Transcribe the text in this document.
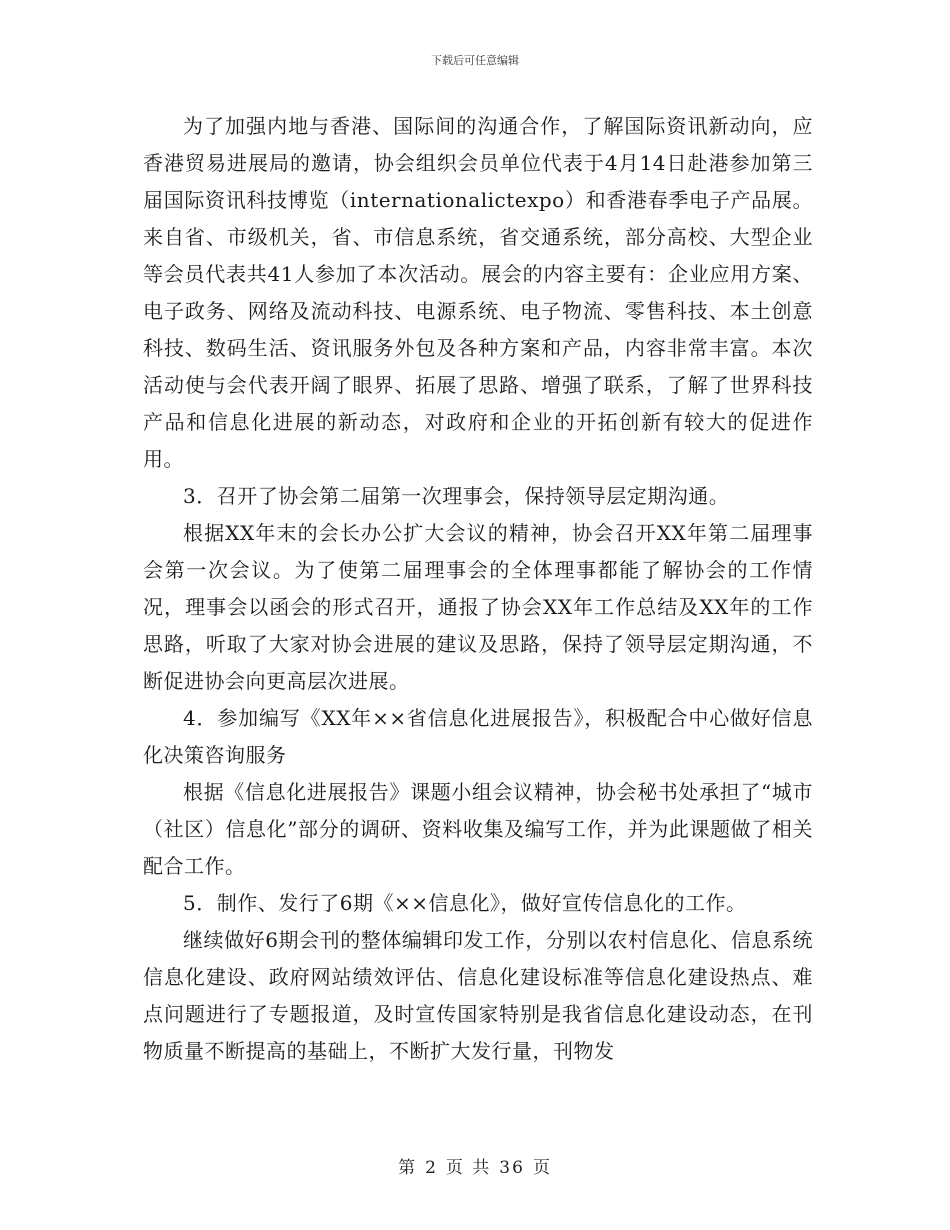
下载后可任意编辑

为了加强内地与香港、国际间的沟通合作，了解国际资讯新动向，应香港贸易进展局的邀请，协会组织会员单位代表于4月14日赴港参加第三届国际资讯科技博览（internationalictexpo）和香港春季电子产品展。来自省、市级机关，省、市信息系统，省交通系统，部分高校、大型企业等会员代表共41人参加了本次活动。展会的内容主要有：企业应用方案、电子政务、网络及流动科技、电源系统、电子物流、零售科技、本土创意科技、数码生活、资讯服务外包及各种方案和产品，内容非常丰富。本次活动使与会代表开阔了眼界、拓展了思路、增强了联系，了解了世界科技产品和信息化进展的新动态，对政府和企业的开拓创新有较大的促进作用。

3．召开了协会第二届第一次理事会，保持领导层定期沟通。

根据XX年末的会长办公扩大会议的精神，协会召开XX年第二届理事会第一次会议。为了使第二届理事会的全体理事都能了解协会的工作情况，理事会以函会的形式召开，通报了协会XX年工作总结及XX年的工作思路，听取了大家对协会进展的建议及思路，保持了领导层定期沟通，不断促进协会向更高层次进展。

4．参加编写《XX年××省信息化进展报告》，积极配合中心做好信息化决策咨询服务

根据《信息化进展报告》课题小组会议精神，协会秘书处承担了“城市（社区）信息化”部分的调研、资料收集及编写工作，并为此课题做了相关配合工作。

5．制作、发行了6期《××信息化》，做好宣传信息化的工作。

继续做好6期会刊的整体编辑印发工作，分别以农村信息化、信息系统信息化建设、政府网站绩效评估、信息化建设标准等信息化建设热点、难点问题进行了专题报道，及时宣传国家特别是我省信息化建设动态，在刊物质量不断提高的基础上，不断扩大发行量，刊物发

第 2 页 共 36 页
